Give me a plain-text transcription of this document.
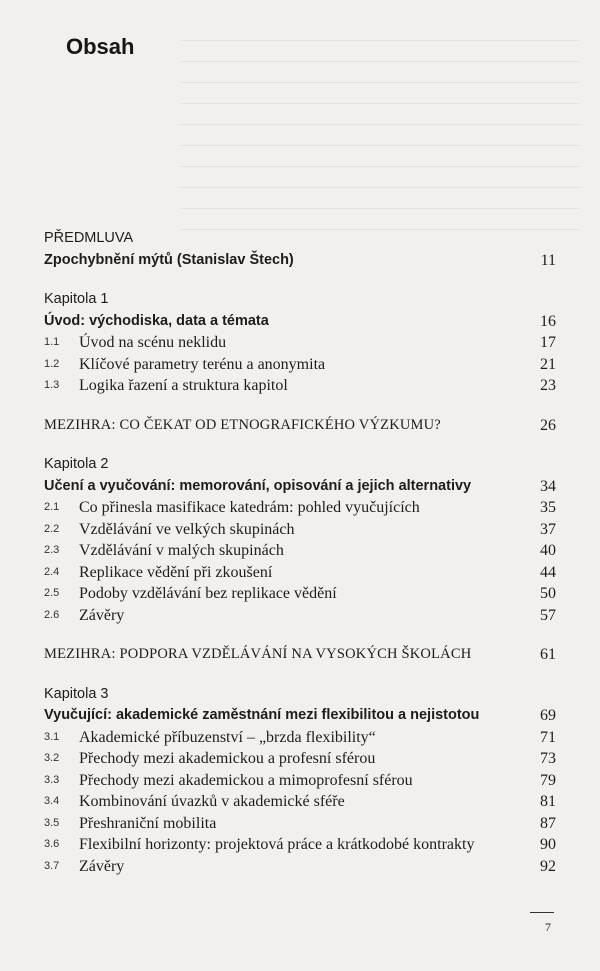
Obsah
PŘEDMLUVA
Zpochybnění mýtů (Stanislav Štech)	11
Kapitola 1
Úvod: východiska, data a témata	16
1.1 Úvod na scénu neklidu	17
1.2 Klíčové parametry terénu a anonymita	21
1.3 Logika řazení a struktura kapitol	23
MEZIHRA: CO ČEKAT OD ETNOGRAFICKÉHO VÝZKUMU?	26
Kapitola 2
Učení a vyučování: memorování, opisování a jejich alternativy	34
2.1 Co přinesla masifikace katedrám: pohled vyučujících	35
2.2 Vzdělávání ve velkých skupinách	37
2.3 Vzdělávání v malých skupinách	40
2.4 Replikace vědění při zkoušení	44
2.5 Podoby vzdělávání bez replikace vědění	50
2.6 Závěry	57
MEZIHRA: PODPORA VZDĚLÁVÁNÍ NA VYSOKÝCH ŠKOLÁCH	61
Kapitola 3
Vyučující: akademické zaměstnání mezi flexibilitou a nejistotou	69
3.1 Akademické příbuzenství – „brzda flexibility“	71
3.2 Přechody mezi akademickou a profesní sférou	73
3.3 Přechody mezi akademickou a mimoprofesní sférou	79
3.4 Kombinování úvazků v akademické sféře	81
3.5 Přeshraniční mobilita	87
3.6 Flexibilní horizonty: projektová práce a krátkodobé kontrakty	90
3.7 Závěry	92
7
